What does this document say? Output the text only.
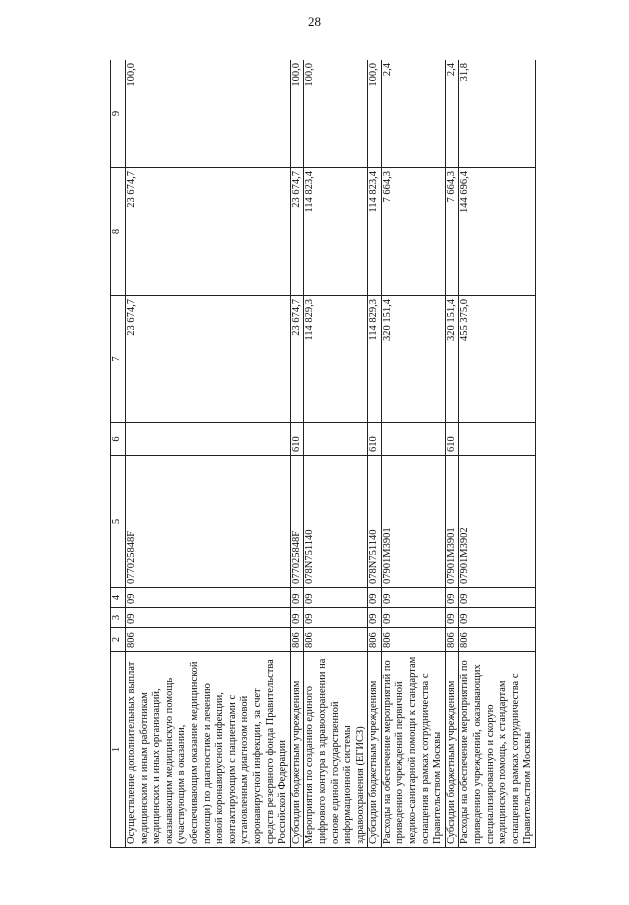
28
1	2	3	4	5	6	7	8	9
Осуществление дополнительных выплат медицинским и иным работникам медицинских и иных организаций, оказывающим медицинскую помощь (участвующим в оказании, обеспечивающим оказание медицинской помощи) по диагностике и лечению новой коронавирусной инфекции, контактирующим с пациентами с установленным диагнозом новой коронавирусной инфекции, за счет средств резервного фонда Правительства Российской Федерации	806	09	09	077025848F		23 674,7	23 674,7	100,0
Субсидии бюджетным учреждениям	806	09	09	077025848F	610	23 674,7	23 674,7	100,0
Мероприятия по созданию единого цифрового контура в здравоохранении на основе единой государственной информационной системы здравоохранения (ЕГИСЗ)	806	09	09	078N751140		114 829,3	114 823,4	100,0
Субсидии бюджетным учреждениям	806	09	09	078N751140	610	114 829,3	114 823,4	100,0
Расходы на обеспечение мероприятий по приведению учреждений первичной медико-санитарной помощи к стандартам оснащения в рамках сотрудничества с Правительством Москвы	806	09	09	07901М3901		320 151,4	7 664,3	2,4
Субсидии бюджетным учреждениям	806	09	09	07901М3901	610	320 151,4	7 664,3	2,4
Расходы на обеспечение мероприятий по приведению учреждений, оказывающих специализированную и скорую медицинскую помощь, к стандартам оснащения в рамках сотрудничества с Правительством Москвы	806	09	09	07901М3902		455 375,0	144 696,4	31,8
